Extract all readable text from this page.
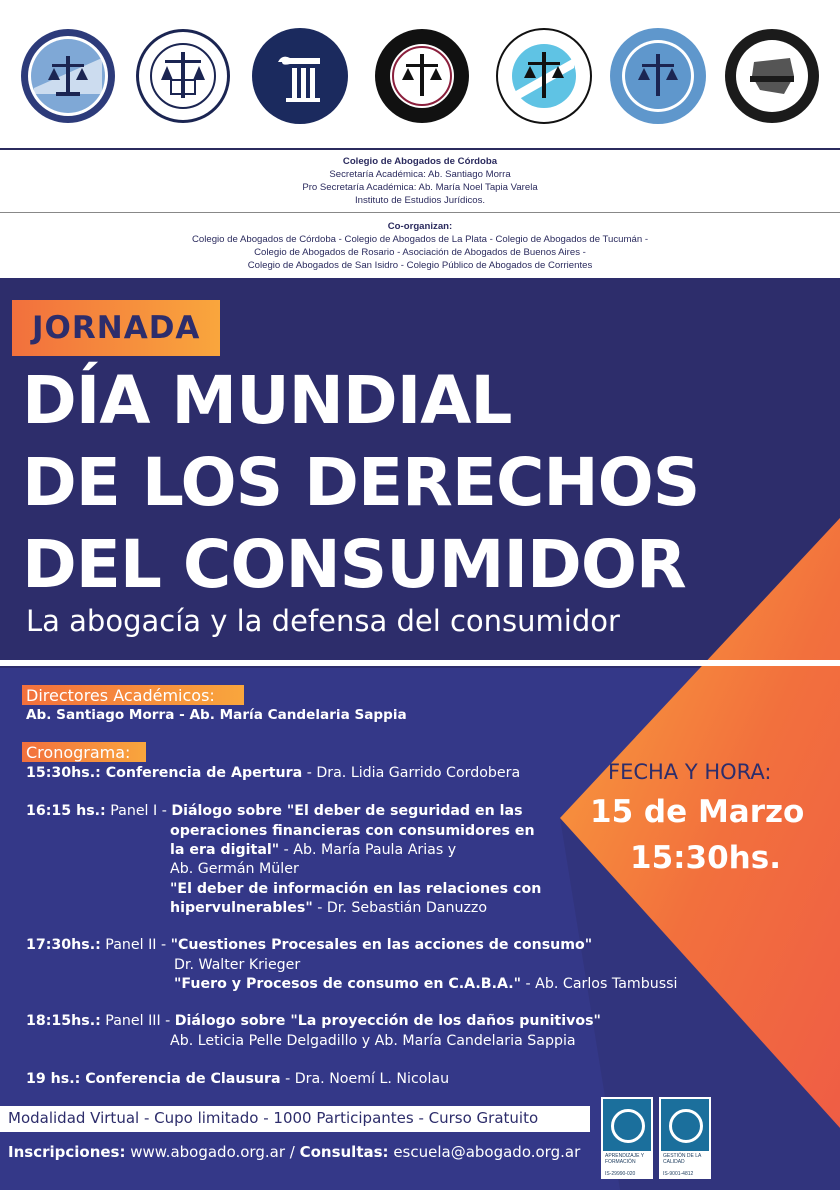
Colegio de Abogados de Córdoba
Secretaría Académica: Ab. Santiago Morra
Pro Secretaría Académica: Ab. María Noel Tapia Varela
Instituto de Estudios Jurídicos.
Co-organizan:
Colegio de Abogados de Córdoba - Colegio de Abogados de La Plata - Colegio de Abogados de Tucumán -
Colegio de Abogados de Rosario - Asociación de Abogados de Buenos Aires -
Colegio de Abogados de San Isidro - Colegio Público de Abogados de Corrientes
JORNADA
DÍA MUNDIAL
DE LOS DERECHOS
DEL CONSUMIDOR
La abogacía y la defensa del consumidor
Directores Académicos:
Ab. Santiago Morra - Ab. María Candelaria Sappia
Cronograma:
15:30hs.: Conferencia de Apertura - Dra. Lidia Garrido Cordobera
16:15 hs.: Panel I - Diálogo sobre "El deber de seguridad en las
operaciones financieras con consumidores en
la era digital" - Ab. María Paula Arias y
Ab. Germán Müler
"El deber de información en las relaciones con
hipervulnerables" - Dr. Sebastián Danuzzo
17:30hs.: Panel II - "Cuestiones Procesales en las acciones de consumo"
Dr. Walter Krieger
"Fuero y Procesos de consumo en C.A.B.A." - Ab. Carlos Tambussi
18:15hs.: Panel III - Diálogo sobre "La proyección de los daños punitivos"
Ab. Leticia Pelle Delgadillo y Ab. María Candelaria Sappia
19 hs.: Conferencia de Clausura - Dra. Noemí L. Nicolau
FECHA Y HORA:
15 de Marzo
15:30hs.
Modalidad Virtual - Cupo limitado - 1000 Participantes - Curso Gratuito
Inscripciones: www.abogado.org.ar / Consultas: escuela@abogado.org.ar	APRENDIZAJE Y FORMACIÓN
IS-29990-020
GESTIÓN DE LA CALIDAD
IS-9001-4812
